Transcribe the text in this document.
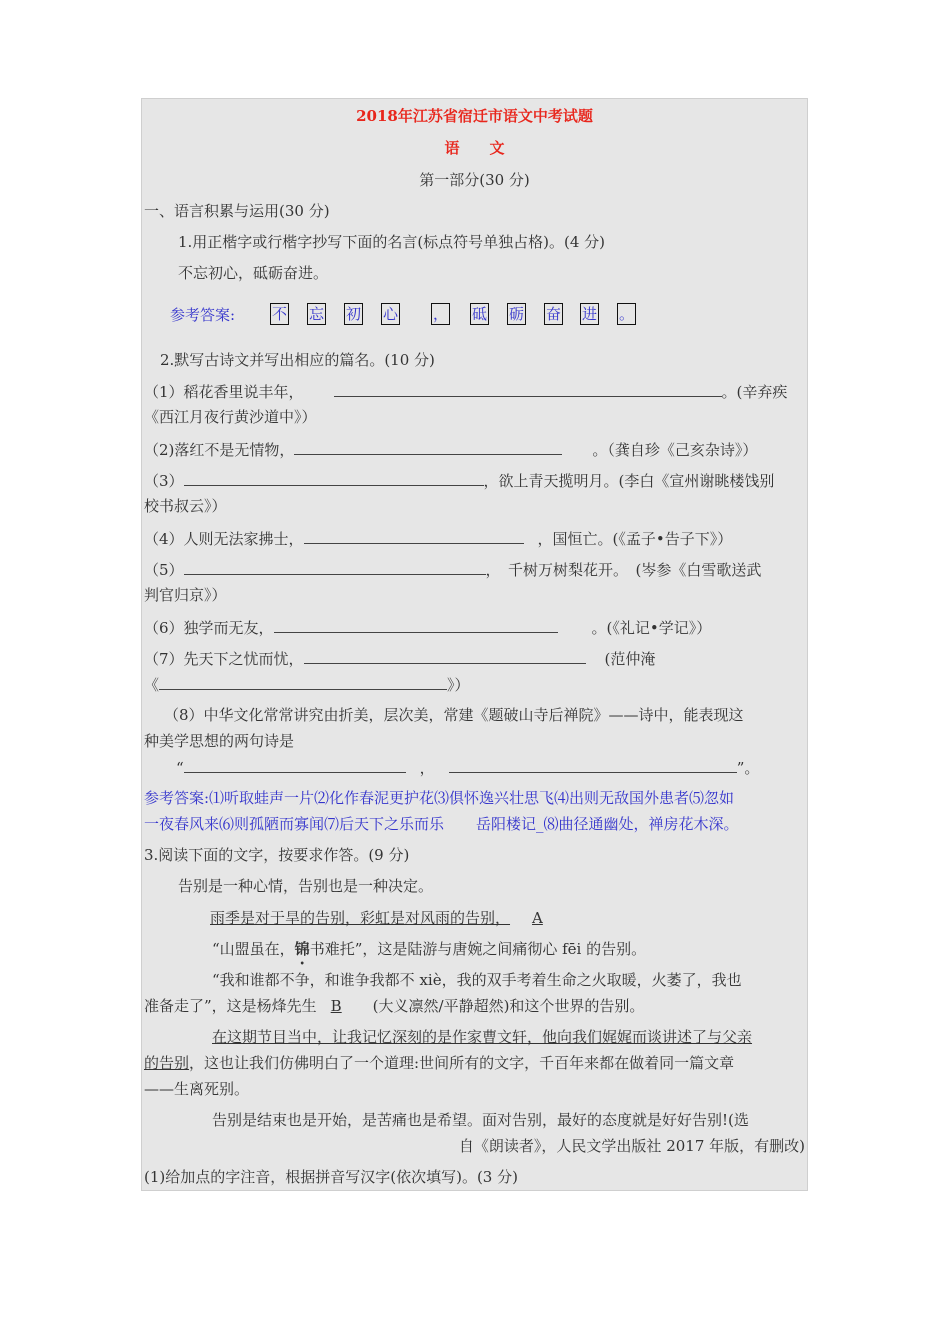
2018年江苏省宿迁市语文中考试题
语　　文
第一部分(30 分)
一、语言积累与运用(30 分)
1.用正楷字或行楷字抄写下面的名言(标点符号单独占格)。(4 分)
不忘初心，砥砺奋进。
参考答案: 不 忘 初 心 ， 砥 砺 奋 进 。
2.默写古诗文并写出相应的篇名。(10 分)
（1）稻花香里说丰年，	。(辛弃疾
《西江月夜行黄沙道中》）
（2)落红不是无情物，	。（龚自珍《己亥杂诗》）
（3）	，欲上青天揽明月。(李白《宣州谢眺楼饯别
校书叔云》）
（4）人则无法家拂士，	，国恒亡。(《孟子•告子下》）
（5）	，　千树万树梨花开。　(岑参《白雪歌送武
判官归京》）
（6）独学而无友，	。(《礼记•学记》）
（7）先天下之忧而忧，	　(范仲淹
《	》）
（8）中华文化常常讲究由折美，层次美，常建《题破山寺后禅院》——诗中，能表现这
种美学思想的两句诗是
“	，	”。
参考答案:⑴听取蛙声一片⑵化作春泥更护花⑶俱怀逸兴壮思飞⑷出则无敌国外患者⑸忽如
一夜春风来⑹则孤陋而寡闻⑺后天下之乐而乐 岳阳楼记_⑻曲径通幽处，禅房花木深。
3.阅读下面的文字，按要求作答。(9 分)
告别是一种心情，告别也是一种决定。
雨季是对于旱的告别，彩虹是对风雨的告别， A
“山盟虽在，锦书难托”，这是陆游与唐婉之间痛彻心 fēi 的告别。
“我和谁都不争，和谁争我都不 xiè，我的双手考着生命之火取暖，火萎了，我也
准备走了”，这是杨烽先生 B (大义凛然/平静超然)和这个世界的告别。
在这期节目当中，让我记忆深刻的是作家曹文轩，他向我们娓娓而谈讲述了与父亲
的告别，这也让我们仿佛明白了一个道理:世间所有的文字，千百年来都在做着同一篇文章
——生离死别。
告别是结束也是开始，是苦痛也是希望。面对告别，最好的态度就是好好告别!(选
自《朗读者》，人民文学出版社 2017 年版，有删改)
(1)给加点的字注音，根据拼音写汉字(依次填写)。(3 分)
